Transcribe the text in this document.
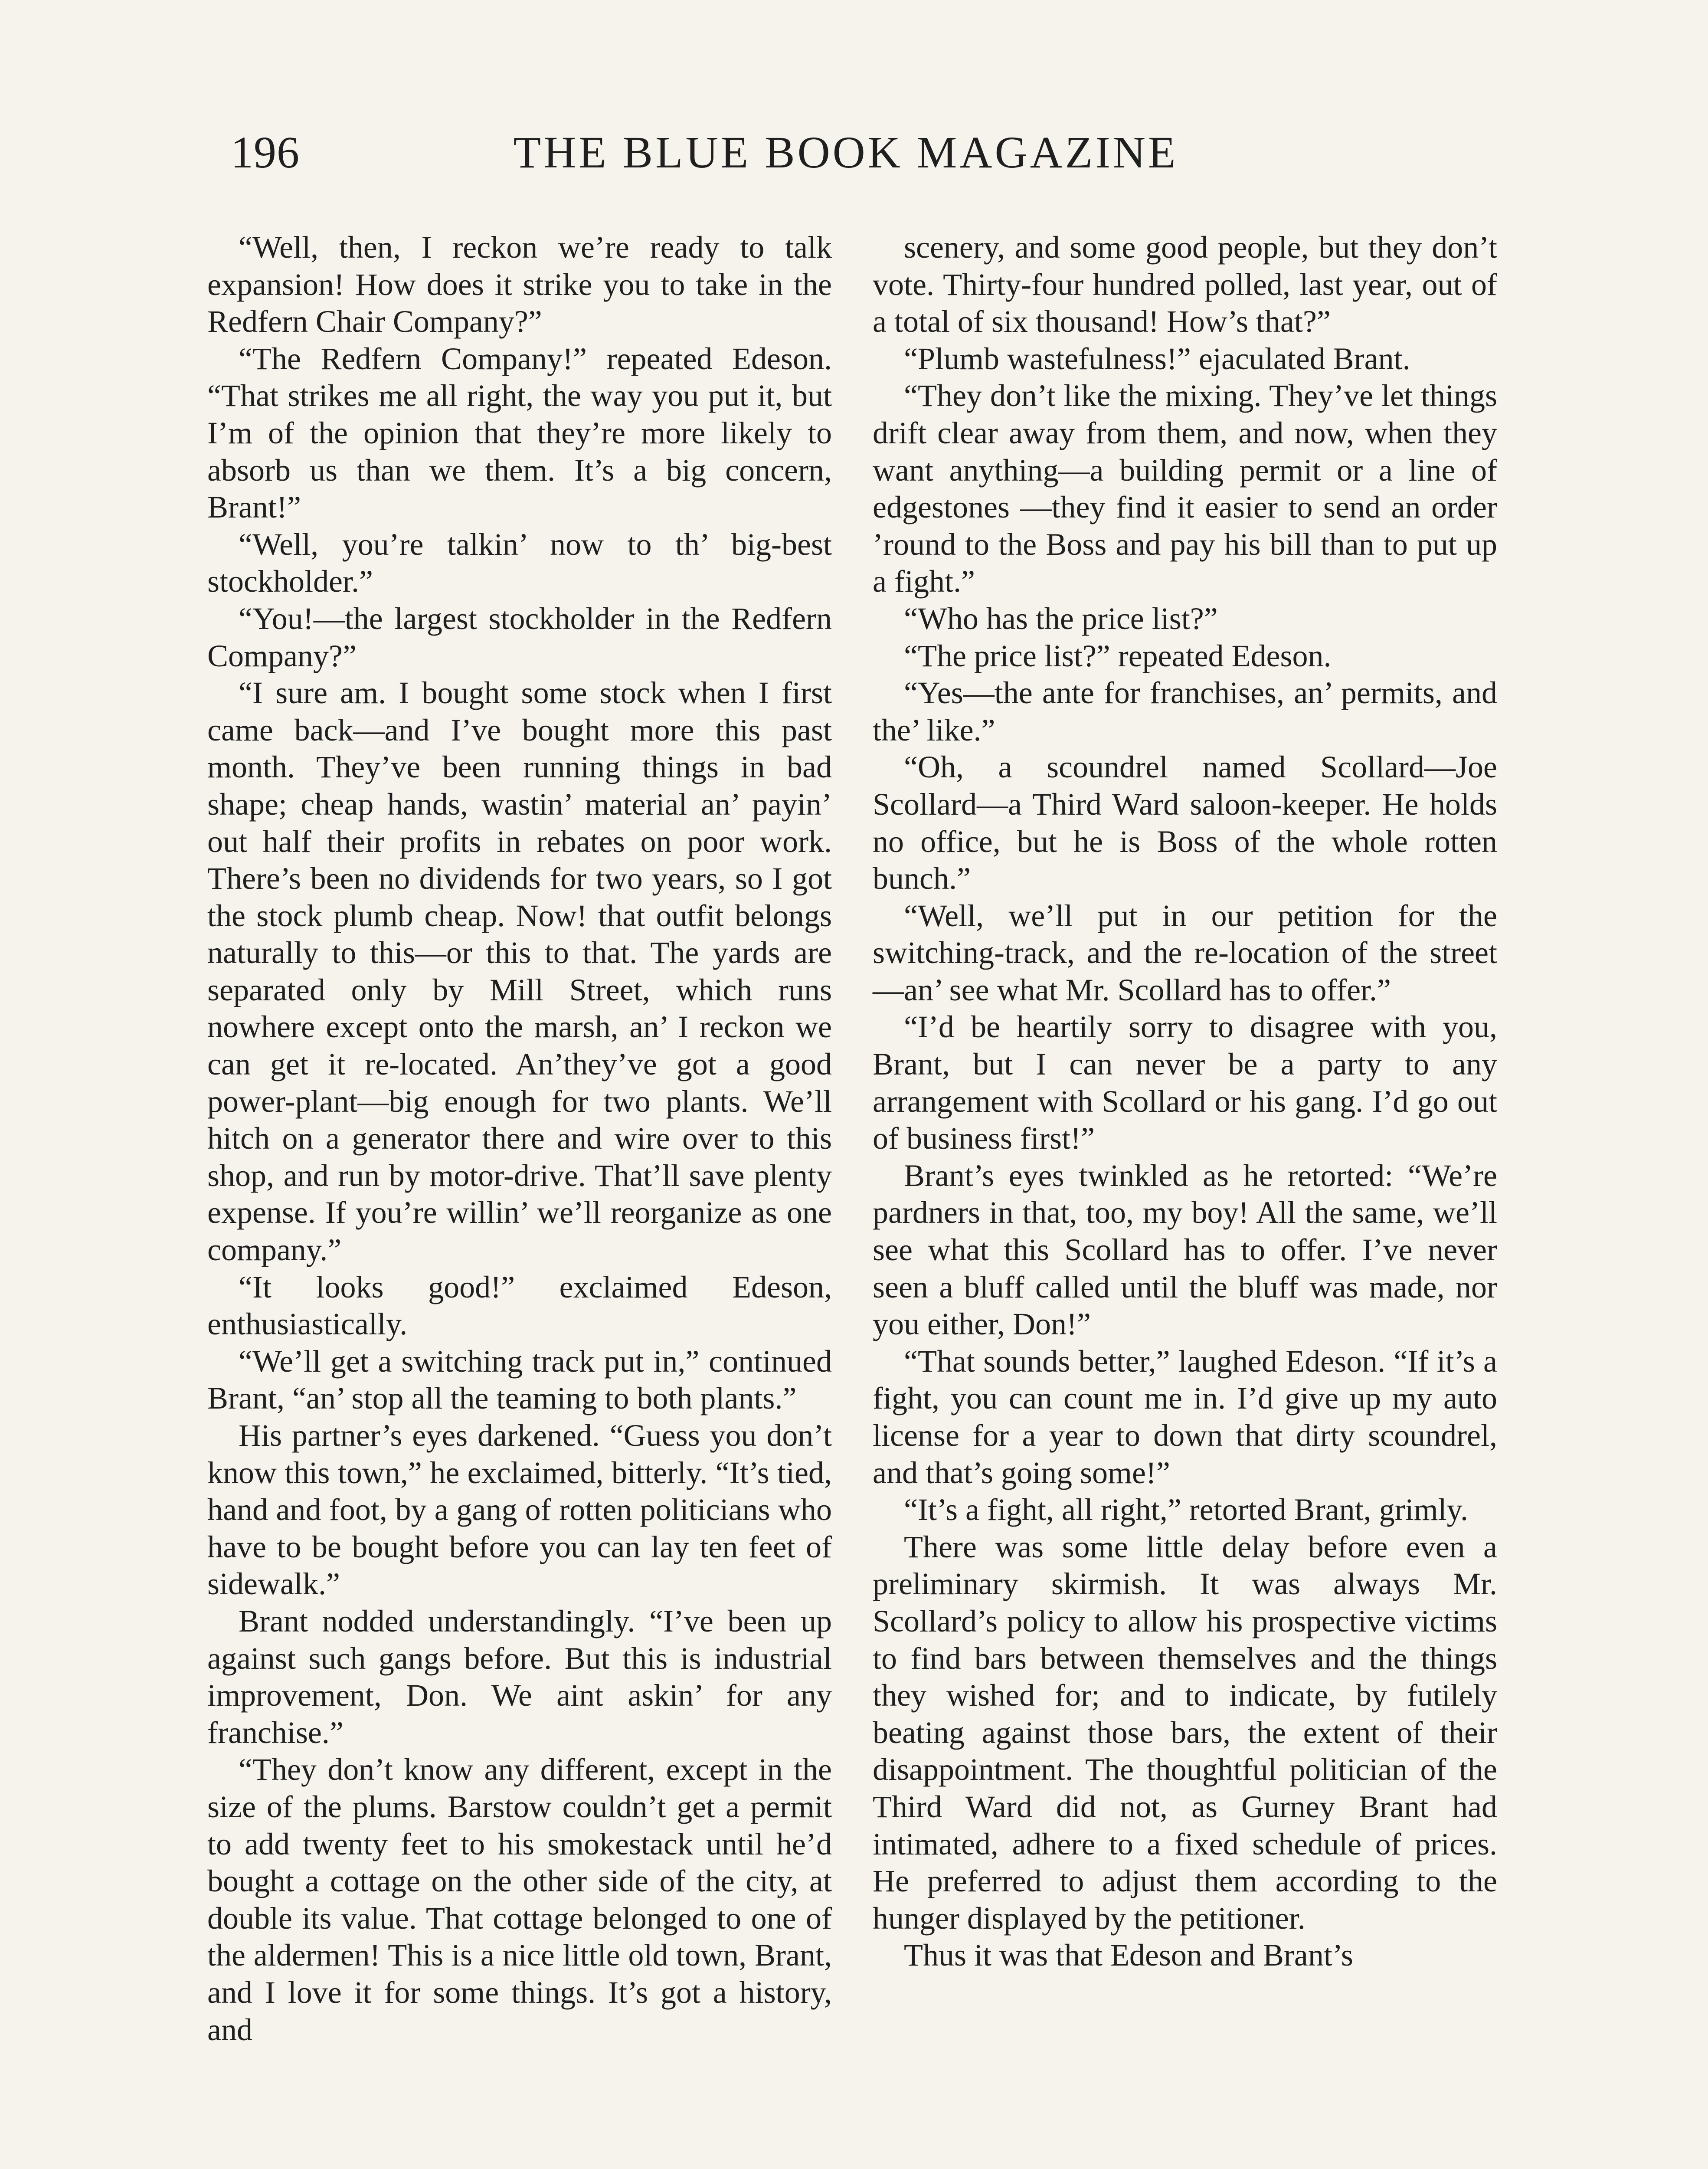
196	THE BLUE BOOK MAGAZINE

“Well, then, I reckon we’re ready to talk expansion! How does it strike you to take in the Redfern Chair Company?”

“The Redfern Company!” repeated Edeson. “That strikes me all right, the way you put it, but I’m of the opinion that they’re more likely to absorb us than we them. It’s a big concern, Brant!”

“Well, you’re talkin’ now to th’ big-best stockholder.”

“You!—the largest stockholder in the Redfern Company?”

“I sure am. I bought some stock when I first came back—and I’ve bought more this past month. They’ve been running things in bad shape; cheap hands, wastin’ material an’ payin’ out half their profits in rebates on poor work. There’s been no dividends for two years, so I got the stock plumb cheap. Now! that outfit belongs naturally to this—or this to that. The yards are separated only by Mill Street, which runs nowhere except onto the marsh, an’ I reckon we can get it re-located. An’they’ve got a good power-plant—big enough for two plants. We’ll hitch on a generator there and wire over to this shop, and run by motor-drive. That’ll save plenty expense. If you’re willin’ we’ll reorganize as one company.”

“It looks good!” exclaimed Edeson, enthusiastically.

“We’ll get a switching track put in,” continued Brant, “an’ stop all the teaming to both plants.”

His partner’s eyes darkened. “Guess you don’t know this town,” he exclaimed, bitterly. “It’s tied, hand and foot, by a gang of rotten politicians who have to be bought before you can lay ten feet of sidewalk.”

Brant nodded understandingly. “I’ve been up against such gangs before. But this is industrial improvement, Don. We aint askin’ for any franchise.”

“They don’t know any different, except in the size of the plums. Barstow couldn’t get a permit to add twenty feet to his smokestack until he’d bought a cottage on the other side of the city, at double its value. That cottage belonged to one of the aldermen! This is a nice little old town, Brant, and I love it for some things. It’s got a history, and

scenery, and some good people, but they don’t vote. Thirty-four hundred polled, last year, out of a total of six thousand! How’s that?”

“Plumb wastefulness!” ejaculated Brant.

“They don’t like the mixing. They’ve let things drift clear away from them, and now, when they want anything—a building permit or a line of edgestones —they find it easier to send an order ’round to the Boss and pay his bill than to put up a fight.”

“Who has the price list?”

“The price list?” repeated Edeson.

“Yes—the ante for franchises, an’ permits, and the’ like.”

“Oh, a scoundrel named Scollard—Joe Scollard—a Third Ward saloon-keeper. He holds no office, but he is Boss of the whole rotten bunch.”

“Well, we’ll put in our petition for the switching-track, and the re-location of the street—an’ see what Mr. Scollard has to offer.”

“I’d be heartily sorry to disagree with you, Brant, but I can never be a party to any arrangement with Scollard or his gang. I’d go out of business first!”

Brant’s eyes twinkled as he retorted: “We’re pardners in that, too, my boy! All the same, we’ll see what this Scollard has to offer. I’ve never seen a bluff called until the bluff was made, nor you either, Don!”

“That sounds better,” laughed Edeson. “If it’s a fight, you can count me in. I’d give up my auto license for a year to down that dirty scoundrel, and that’s going some!”

“It’s a fight, all right,” retorted Brant, grimly.

There was some little delay before even a preliminary skirmish. It was always Mr. Scollard’s policy to allow his prospective victims to find bars between themselves and the things they wished for; and to indicate, by futilely beating against those bars, the extent of their disappointment. The thoughtful politician of the Third Ward did not, as Gurney Brant had intimated, adhere to a fixed schedule of prices. He preferred to adjust them according to the hunger displayed by the petitioner.

Thus it was that Edeson and Brant’s
